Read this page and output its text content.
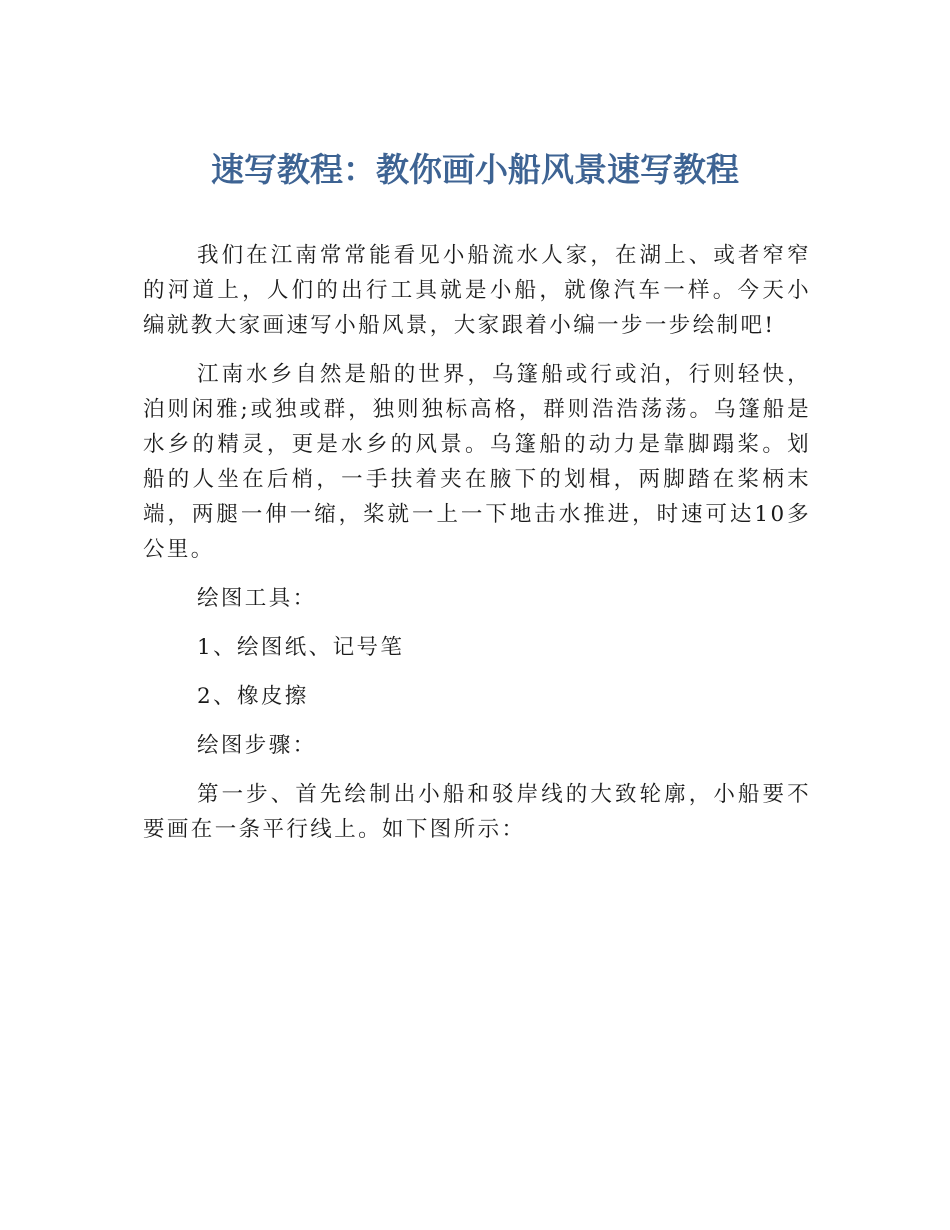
速写教程：教你画小船风景速写教程

我们在江南常常能看见小船流水人家，在湖上、或者窄窄的河道上，人们的出行工具就是小船，就像汽车一样。今天小编就教大家画速写小船风景，大家跟着小编一步一步绘制吧!

江南水乡自然是船的世界，乌篷船或行或泊，行则轻快，泊则闲雅;或独或群，独则独标高格，群则浩浩荡荡。乌篷船是水乡的精灵，更是水乡的风景。乌篷船的动力是靠脚蹋桨。划船的人坐在后梢，一手扶着夹在腋下的划楫，两脚踏在桨柄末端，两腿一伸一缩，桨就一上一下地击水推进，时速可达10多公里。

绘图工具：

1、绘图纸、记号笔

2、橡皮擦

绘图步骤：

第一步、首先绘制出小船和驳岸线的大致轮廓，小船要不要画在一条平行线上。如下图所示：
